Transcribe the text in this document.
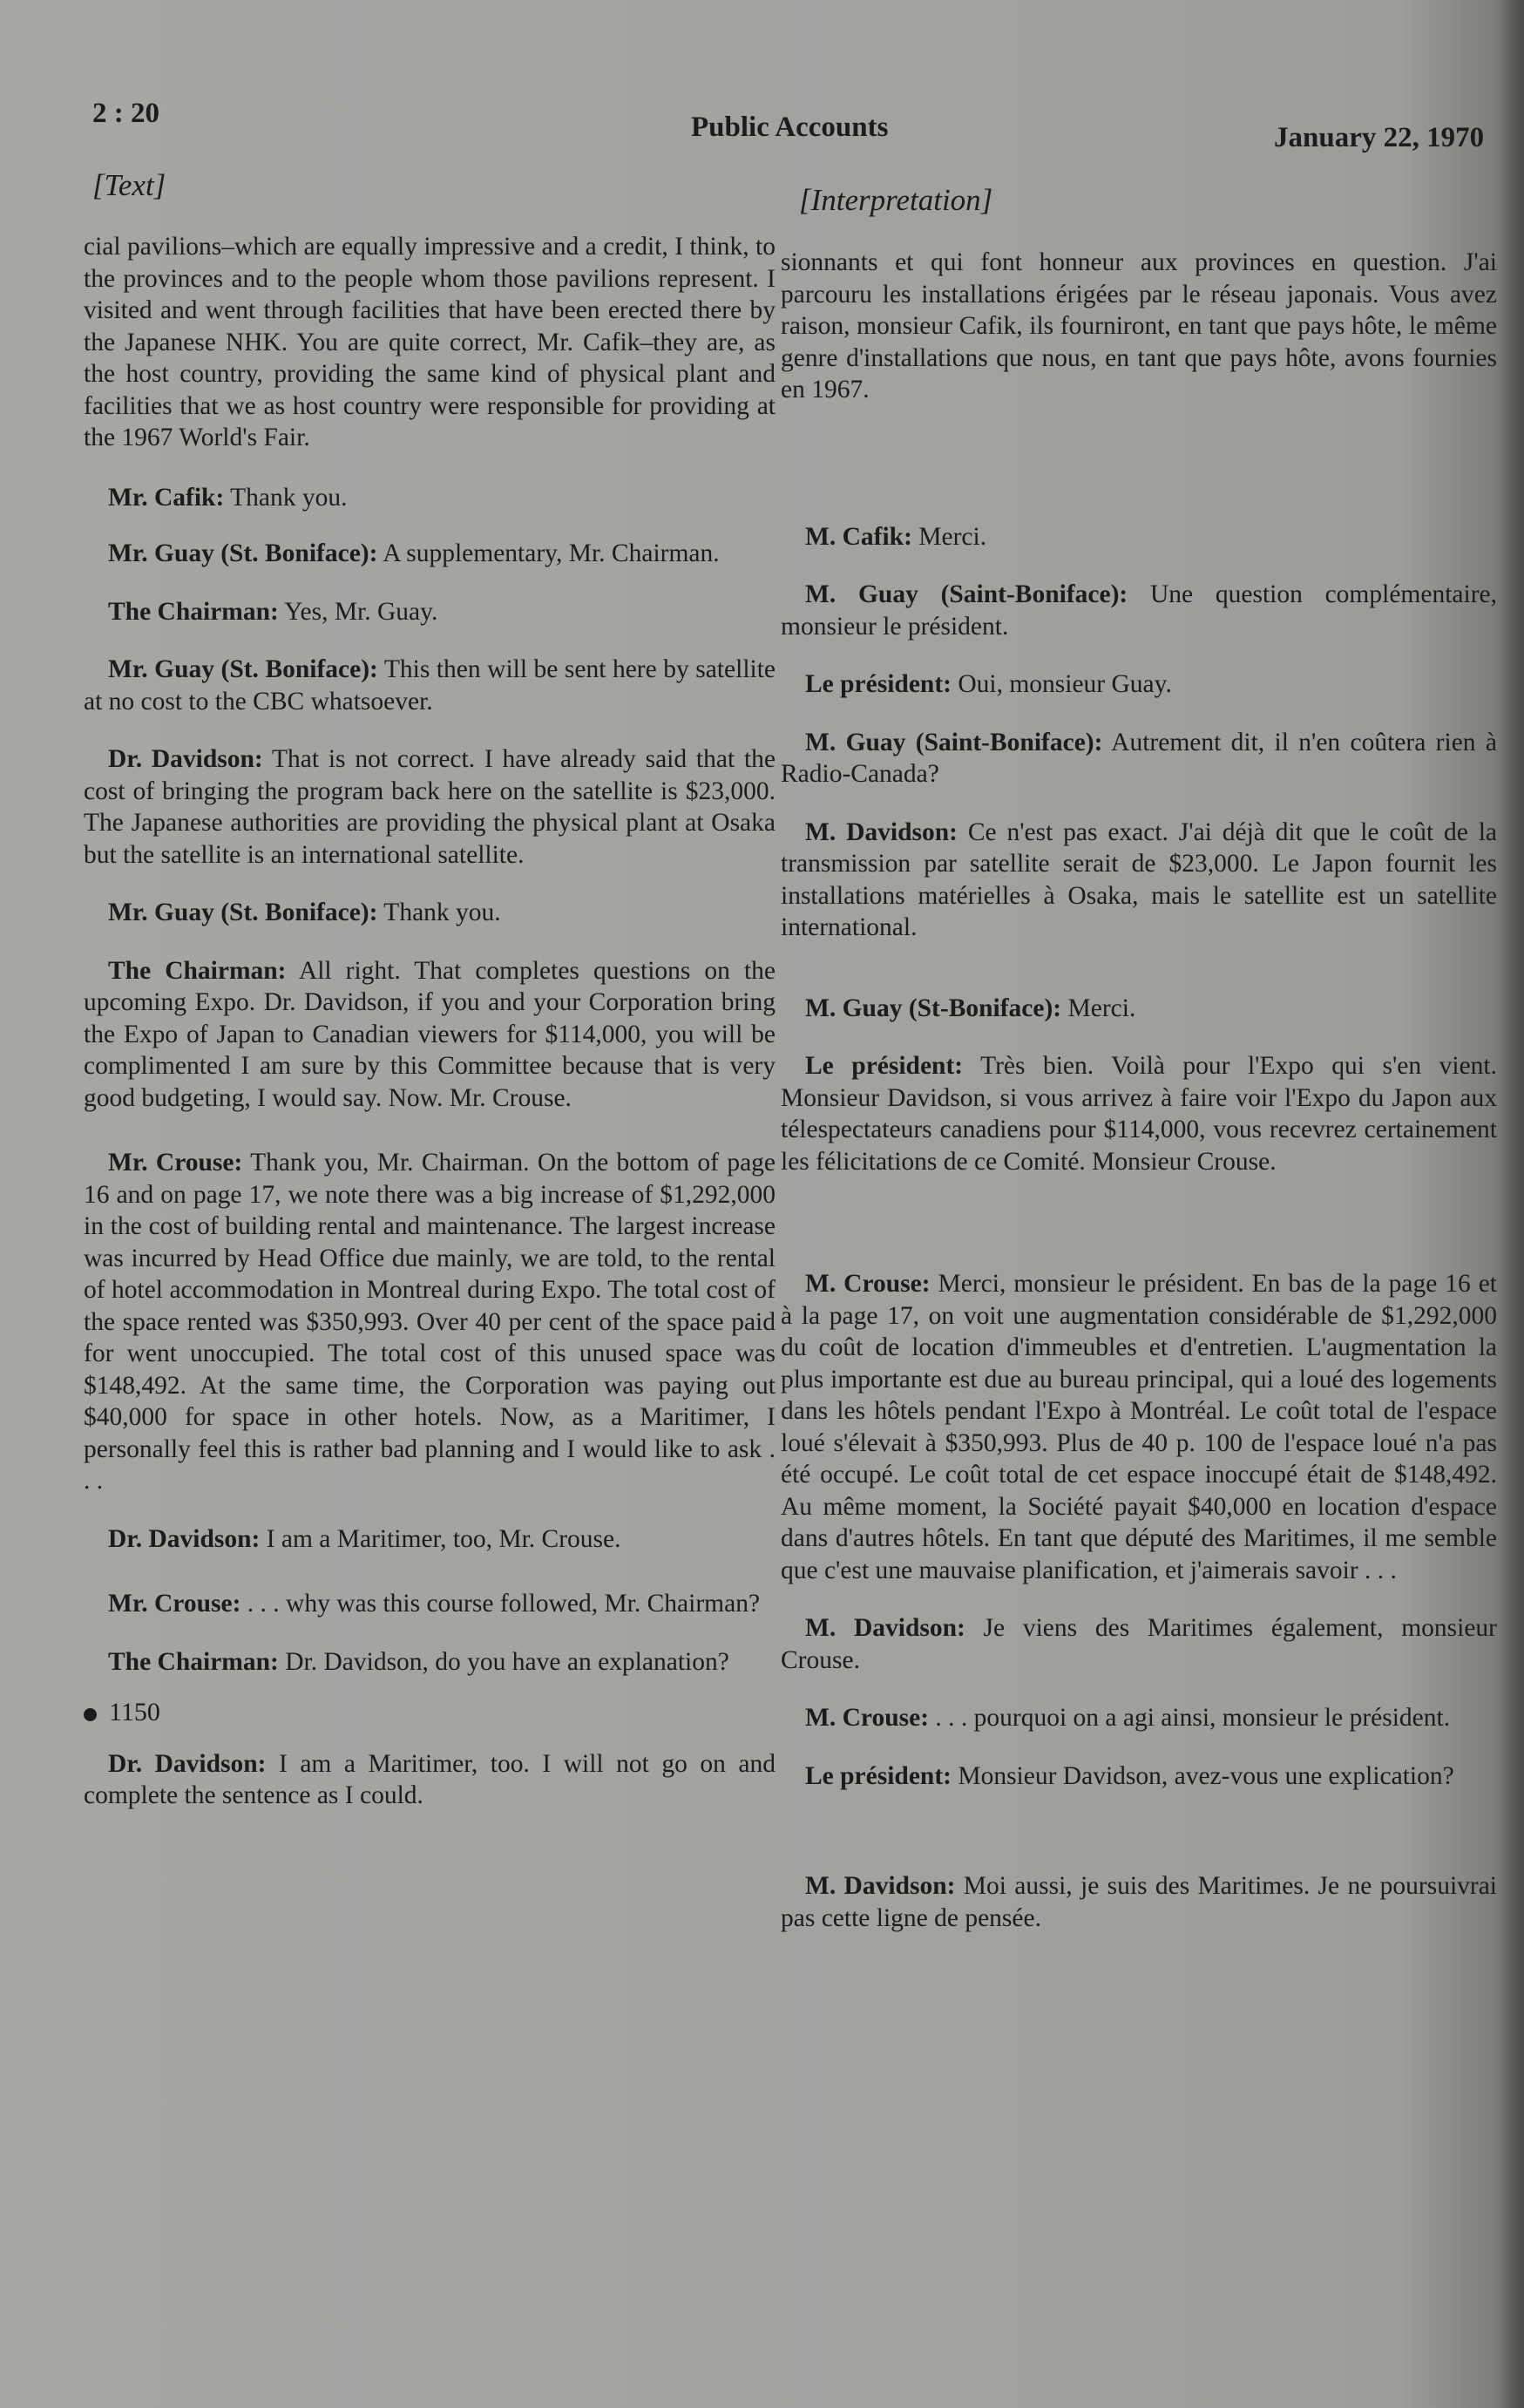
2 : 20	Public Accounts	January 22, 1970
[Text]	[Interpretation]

cial pavilions–which are equally impressive and a credit, I think, to the provinces and to the people whom those pavilions represent. I visited and went through facilities that have been erected there by the Japanese NHK. You are quite correct, Mr. Cafik–they are, as the host country, providing the same kind of physical plant and facilities that we as host country were responsible for providing at the 1967 World's Fair.

Mr. Cafik: Thank you.

Mr. Guay (St. Boniface): A supplementary, Mr. Chairman.

The Chairman: Yes, Mr. Guay.

Mr. Guay (St. Boniface): This then will be sent here by satellite at no cost to the CBC whatsoever.

Dr. Davidson: That is not correct. I have already said that the cost of bringing the program back here on the satellite is $23,000. The Japanese authorities are providing the physical plant at Osaka but the satellite is an international satellite.

Mr. Guay (St. Boniface): Thank you.

The Chairman: All right. That completes questions on the upcoming Expo. Dr. Davidson, if you and your Corporation bring the Expo of Japan to Canadian viewers for $114,000, you will be complimented I am sure by this Committee because that is very good budgeting, I would say. Now. Mr. Crouse.

Mr. Crouse: Thank you, Mr. Chairman. On the bottom of page 16 and on page 17, we note there was a big increase of $1,292,000 in the cost of building rental and maintenance. The largest increase was incurred by Head Office due mainly, we are told, to the rental of hotel accommodation in Montreal during Expo. The total cost of the space rented was $350,993. Over 40 per cent of the space paid for went unoccupied. The total cost of this unused space was $148,492. At the same time, the Corporation was paying out $40,000 for space in other hotels. Now, as a Maritimer, I personally feel this is rather bad planning and I would like to ask . . .

Dr. Davidson: I am a Maritimer, too, Mr. Crouse.

Mr. Crouse: . . . why was this course followed, Mr. Chairman?

The Chairman: Dr. Davidson, do you have an explanation?

1150

Dr. Davidson: I am a Maritimer, too. I will not go on and complete the sentence as I could.

sionnants et qui font honneur aux provinces en question. J'ai parcouru les installations érigées par le réseau japonais. Vous avez raison, monsieur Cafik, ils fourniront, en tant que pays hôte, le même genre d'installations que nous, en tant que pays hôte, avons fournies en 1967.

M. Cafik: Merci.

M. Guay (Saint-Boniface): Une question complémentaire, monsieur le président.

Le président: Oui, monsieur Guay.

M. Guay (Saint-Boniface): Autrement dit, il n'en coûtera rien à Radio-Canada?

M. Davidson: Ce n'est pas exact. J'ai déjà dit que le coût de la transmission par satellite serait de $23,000. Le Japon fournit les installations matérielles à Osaka, mais le satellite est un satellite international.

M. Guay (St-Boniface): Merci.

Le président: Très bien. Voilà pour l'Expo qui s'en vient. Monsieur Davidson, si vous arrivez à faire voir l'Expo du Japon aux télespectateurs canadiens pour $114,000, vous recevrez certainement les félicitations de ce Comité. Monsieur Crouse.

M. Crouse: Merci, monsieur le président. En bas de la page 16 et à la page 17, on voit une augmentation considérable de $1,292,000 du coût de location d'immeubles et d'entretien. L'augmentation la plus importante est due au bureau principal, qui a loué des logements dans les hôtels pendant l'Expo à Montréal. Le coût total de l'espace loué s'élevait à $350,993. Plus de 40 p. 100 de l'espace loué n'a pas été occupé. Le coût total de cet espace inoccupé était de $148,492. Au même moment, la Société payait $40,000 en location d'espace dans d'autres hôtels. En tant que député des Maritimes, il me semble que c'est une mauvaise planification, et j'aimerais savoir . . .

M. Davidson: Je viens des Maritimes également, monsieur Crouse.

M. Crouse: . . . pourquoi on a agi ainsi, monsieur le président.

Le président: Monsieur Davidson, avez-vous une explication?

M. Davidson: Moi aussi, je suis des Maritimes. Je ne poursuivrai pas cette ligne de pensée.
